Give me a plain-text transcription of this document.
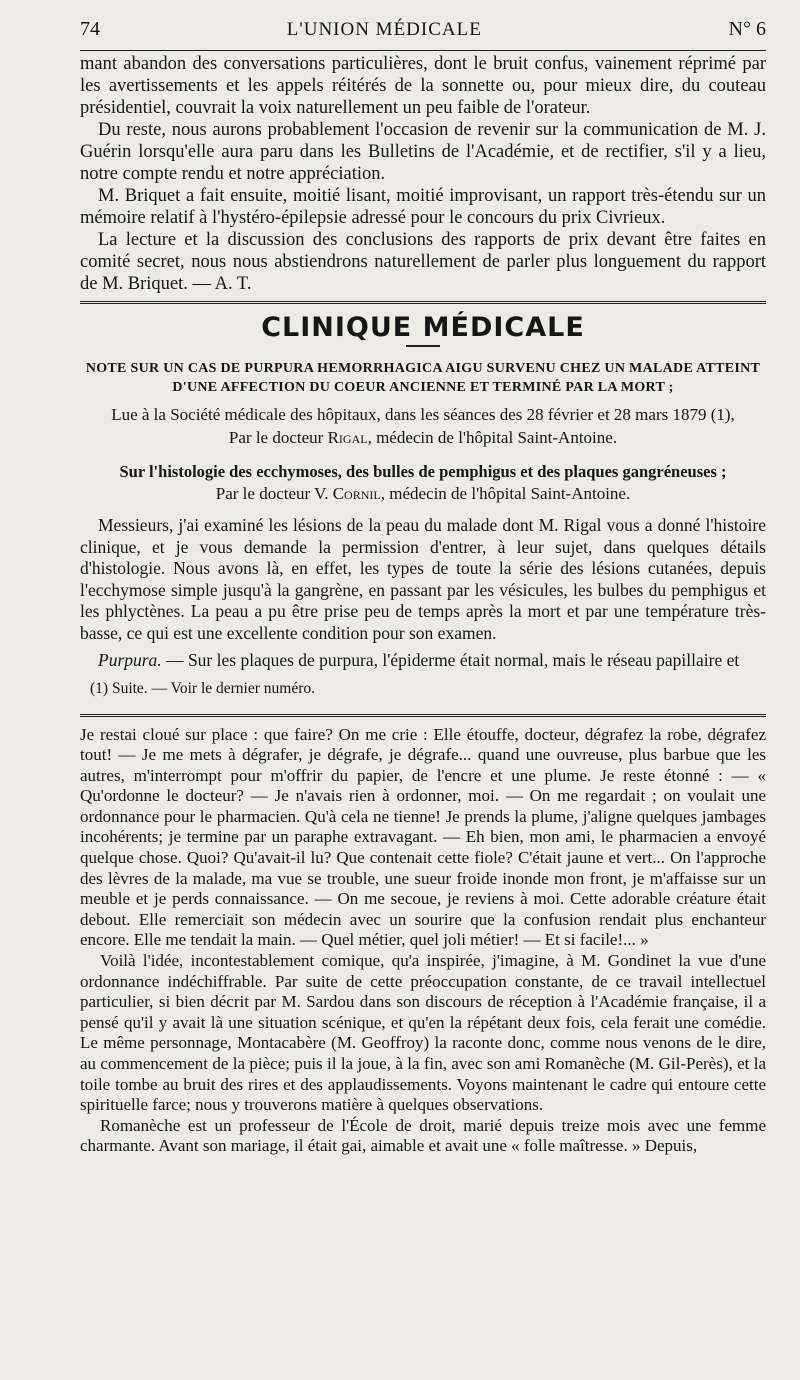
74	L'UNION MÉDICALE	N° 6

mant abandon des conversations particulières, dont le bruit confus, vainement réprimé par les avertissements et les appels réitérés de la sonnette ou, pour mieux dire, du couteau présidentiel, couvrait la voix naturellement un peu faible de l'orateur.

Du reste, nous aurons probablement l'occasion de revenir sur la communication de M. J. Guérin lorsqu'elle aura paru dans les Bulletins de l'Académie, et de rectifier, s'il y a lieu, notre compte rendu et notre appréciation.

M. Briquet a fait ensuite, moitié lisant, moitié improvisant, un rapport très-étendu sur un mémoire relatif à l'hystéro-épilepsie adressé pour le concours du prix Civrieux.

La lecture et la discussion des conclusions des rapports de prix devant être faites en comité secret, nous nous abstiendrons naturellement de parler plus longuement du rapport de M. Briquet. — A. T.

CLINIQUE MÉDICALE
NOTE SUR UN CAS DE PURPURA HEMORRHAGICA AIGU SURVENU CHEZ UN MALADE ATTEINT D'UNE AFFECTION DU COEUR ANCIENNE ET TERMINÉ PAR LA MORT ;
Lue à la Société médicale des hôpitaux, dans les séances des 28 février et 28 mars 1879 (1),
Par le docteur Rigal, médecin de l'hôpital Saint-Antoine.
Sur l'histologie des ecchymoses, des bulles de pemphigus et des plaques gangréneuses ;
Par le docteur V. Cornil, médecin de l'hôpital Saint-Antoine.

Messieurs, j'ai examiné les lésions de la peau du malade dont M. Rigal vous a donné l'histoire clinique, et je vous demande la permission d'entrer, à leur sujet, dans quelques détails d'histologie. Nous avons là, en effet, les types de toute la série des lésions cutanées, depuis l'ecchymose simple jusqu'à la gangrène, en passant par les vésicules, les bulbes du pemphigus et les phlyctènes. La peau a pu être prise peu de temps après la mort et par une température très-basse, ce qui est une excellente condition pour son examen.

Purpura. — Sur les plaques de purpura, l'épiderme était normal, mais le réseau papillaire et

(1) Suite. — Voir le dernier numéro.

Je restai cloué sur place : que faire? On me crie : Elle étouffe, docteur, dégrafez la robe, dégrafez tout! — Je me mets à dégrafer, je dégrafe, je dégrafe... quand une ouvreuse, plus barbue que les autres, m'interrompt pour m'offrir du papier, de l'encre et une plume. Je reste étonné : — « Qu'ordonne le docteur? — Je n'avais rien à ordonner, moi. — On me regardait ; on voulait une ordonnance pour le pharmacien. Qu'à cela ne tienne! Je prends la plume, j'aligne quelques jambages incohérents; je termine par un paraphe extravagant. — Eh bien, mon ami, le pharmacien a envoyé quelque chose. Quoi? Qu'avait-il lu? Que contenait cette fiole? C'était jaune et vert... On l'approche des lèvres de la malade, ma vue se trouble, une sueur froide inonde mon front, je m'affaisse sur un meuble et je perds connaissance. — On me secoue, je reviens à moi. Cette adorable créature était debout. Elle remerciait son médecin avec un sourire que la confusion rendait plus enchanteur encore. Elle me tendait la main. — Quel métier, quel joli métier! — Et si facile!... »

Voilà l'idée, incontestablement comique, qu'a inspirée, j'imagine, à M. Gondinet la vue d'une ordonnance indéchiffrable. Par suite de cette préoccupation constante, de ce travail intellectuel particulier, si bien décrit par M. Sardou dans son discours de réception à l'Académie française, il a pensé qu'il y avait là une situation scénique, et qu'en la répétant deux fois, cela ferait une comédie. Le même personnage, Montacabère (M. Geoffroy) la raconte donc, comme nous venons de le dire, au commencement de la pièce; puis il la joue, à la fin, avec son ami Romanèche (M. Gil-Perès), et la toile tombe au bruit des rires et des applaudissements. Voyons maintenant le cadre qui entoure cette spirituelle farce; nous y trouverons matière à quelques observations.

Romanèche est un professeur de l'École de droit, marié depuis treize mois avec une femme charmante. Avant son mariage, il était gai, aimable et avait une « folle maîtresse. » Depuis,
